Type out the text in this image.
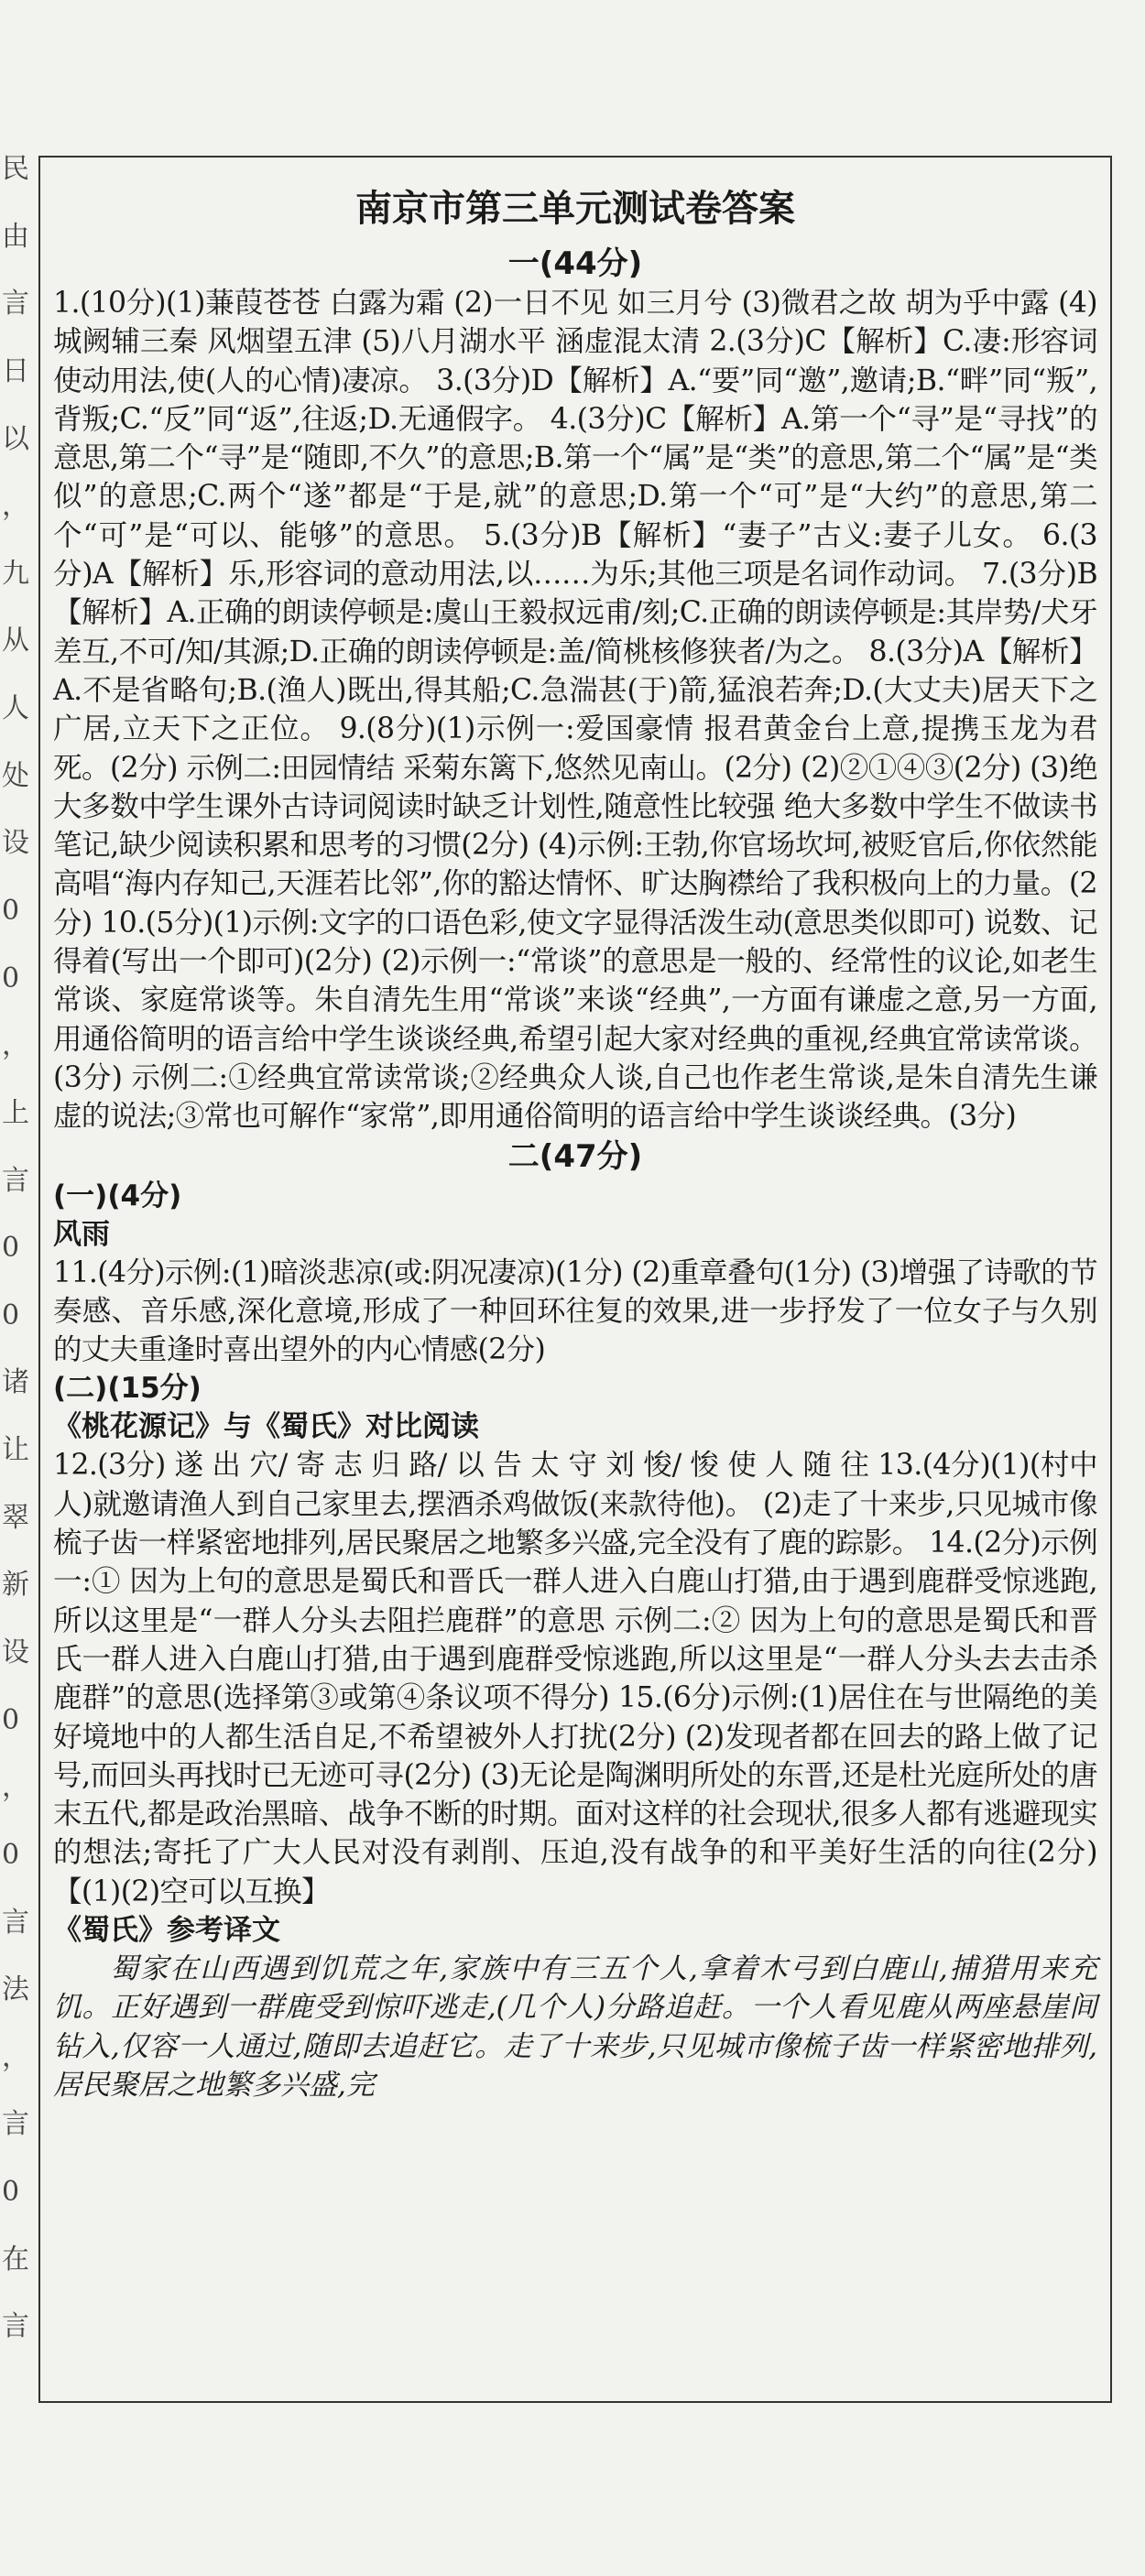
民
由
言
日
以
，
九
从
人
处
设
0
0
，
上
言
0
0
诸
让
翠
新
设
0
，
0
言
法
，
言
0
在
言
南京市第三单元测试卷答案
一(44分)

1.(10分)(1)蒹葭苍苍 白露为霜 (2)一日不见 如三月兮 (3)微君之故 胡为乎中露 (4)城阙辅三秦 风烟望五津 (5)八月湖水平 涵虚混太清 2.(3分)C【解析】C.凄:形容词使动用法,使(人的心情)凄凉。 3.(3分)D【解析】A.“要”同“邀”,邀请;B.“畔”同“叛”,背叛;C.“反”同“返”,往返;D.无通假字。 4.(3分)C【解析】A.第一个“寻”是“寻找”的意思,第二个“寻”是“随即,不久”的意思;B.第一个“属”是“类”的意思,第二个“属”是“类似”的意思;C.两个“遂”都是“于是,就”的意思;D.第一个“可”是“大约”的意思,第二个“可”是“可以、能够”的意思。 5.(3分)B【解析】“妻子”古义:妻子儿女。 6.(3分)A【解析】乐,形容词的意动用法,以……为乐;其他三项是名词作动词。 7.(3分)B【解析】A.正确的朗读停顿是:虞山王毅叔远甫/刻;C.正确的朗读停顿是:其岸势/犬牙差互,不可/知/其源;D.正确的朗读停顿是:盖/简桃核修狭者/为之。 8.(3分)A【解析】A.不是省略句;B.(渔人)既出,得其船;C.急湍甚(于)箭,猛浪若奔;D.(大丈夫)居天下之广居,立天下之正位。 9.(8分)(1)示例一:爱国豪情 报君黄金台上意,提携玉龙为君死。(2分) 示例二:田园情结 采菊东篱下,悠然见南山。(2分) (2)②①④③(2分) (3)绝大多数中学生课外古诗词阅读时缺乏计划性,随意性比较强 绝大多数中学生不做读书笔记,缺少阅读积累和思考的习惯(2分) (4)示例:王勃,你官场坎坷,被贬官后,你依然能高唱“海内存知己,天涯若比邻”,你的豁达情怀、旷达胸襟给了我积极向上的力量。(2分) 10.(5分)(1)示例:文字的口语色彩,使文字显得活泼生动(意思类似即可) 说数、记得着(写出一个即可)(2分) (2)示例一:“常谈”的意思是一般的、经常性的议论,如老生常谈、家庭常谈等。朱自清先生用“常谈”来谈“经典”,一方面有谦虚之意,另一方面,用通俗简明的语言给中学生谈谈经典,希望引起大家对经典的重视,经典宜常读常谈。(3分) 示例二:①经典宜常读常谈;②经典众人谈,自己也作老生常谈,是朱自清先生谦虚的说法;③常也可解作“家常”,即用通俗简明的语言给中学生谈谈经典。(3分)

二(47分)

(一)(4分)

风雨

11.(4分)示例:(1)暗淡悲凉(或:阴况凄凉)(1分) (2)重章叠句(1分) (3)增强了诗歌的节奏感、音乐感,深化意境,形成了一种回环往复的效果,进一步抒发了一位女子与久别的丈夫重逢时喜出望外的内心情感(2分)

(二)(15分)

《桃花源记》与《蜀氏》对比阅读

12.(3分) 遂 出 穴/ 寄 志 归 路/ 以 告 太 守 刘 悛/ 悛 使 人 随 往 13.(4分)(1)(村中人)就邀请渔人到自己家里去,摆酒杀鸡做饭(来款待他)。 (2)走了十来步,只见城市像梳子齿一样紧密地排列,居民聚居之地繁多兴盛,完全没有了鹿的踪影。 14.(2分)示例一:① 因为上句的意思是蜀氏和晋氏一群人进入白鹿山打猎,由于遇到鹿群受惊逃跑,所以这里是“一群人分头去阻拦鹿群”的意思 示例二:② 因为上句的意思是蜀氏和晋氏一群人进入白鹿山打猎,由于遇到鹿群受惊逃跑,所以这里是“一群人分头去去击杀鹿群”的意思(选择第③或第④条议项不得分) 15.(6分)示例:(1)居住在与世隔绝的美好境地中的人都生活自足,不希望被外人打扰(2分) (2)发现者都在回去的路上做了记号,而回头再找时已无迹可寻(2分) (3)无论是陶渊明所处的东晋,还是杜光庭所处的唐末五代,都是政治黑暗、战争不断的时期。面对这样的社会现状,很多人都有逃避现实的想法;寄托了广大人民对没有剥削、压迫,没有战争的和平美好生活的向往(2分)【(1)(2)空可以互换】

《蜀氏》参考译文

蜀家在山西遇到饥荒之年,家族中有三五个人,拿着木弓到白鹿山,捕猎用来充饥。正好遇到一群鹿受到惊吓逃走,(几个人)分路追赶。一个人看见鹿从两座悬崖间钻入,仅容一人通过,随即去追赶它。走了十来步,只见城市像梳子齿一样紧密地排列,居民聚居之地繁多兴盛,完
